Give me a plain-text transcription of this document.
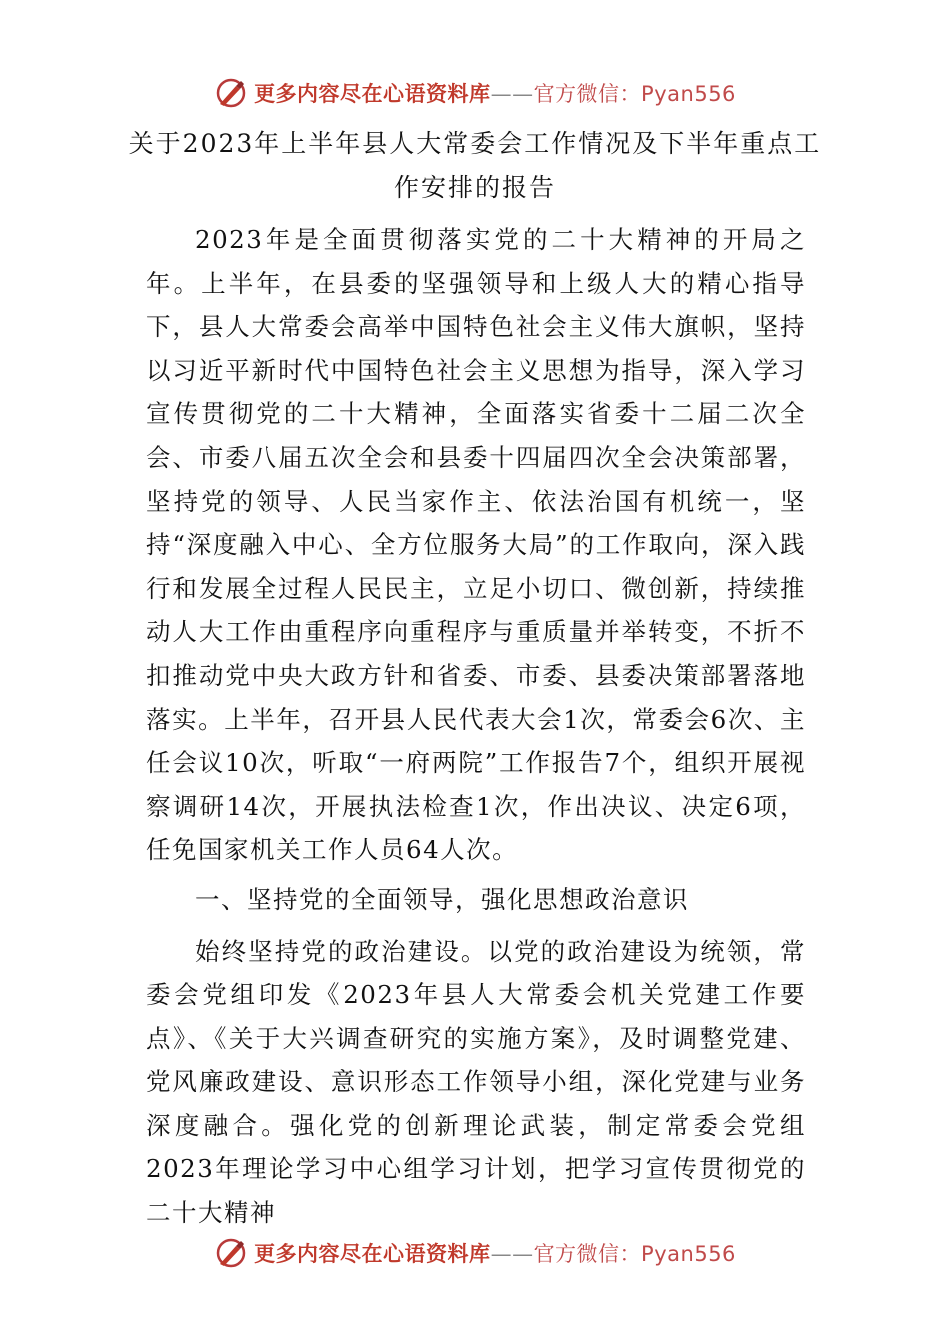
更多内容尽在心语资料库——官方微信：Pyan556
关于2023年上半年县人大常委会工作情况及下半年重点工作安排的报告

2023年是全面贯彻落实党的二十大精神的开局之年。上半年，在县委的坚强领导和上级人大的精心指导下，县人大常委会高举中国特色社会主义伟大旗帜，坚持以习近平新时代中国特色社会主义思想为指导，深入学习宣传贯彻党的二十大精神，全面落实省委十二届二次全会、市委八届五次全会和县委十四届四次全会决策部署，坚持党的领导、人民当家作主、依法治国有机统一，坚持“深度融入中心、全方位服务大局”的工作取向，深入践行和发展全过程人民民主，立足小切口、微创新，持续推动人大工作由重程序向重程序与重质量并举转变，不折不扣推动党中央大政方针和省委、市委、县委决策部署落地落实。上半年，召开县人民代表大会1次，常委会6次、主任会议10次，听取“一府两院”工作报告7个，组织开展视察调研14次，开展执法检查1次，作出决议、决定6项，任免国家机关工作人员64人次。

一、坚持党的全面领导，强化思想政治意识

始终坚持党的政治建设。以党的政治建设为统领，常委会党组印发《2023年县人大常委会机关党建工作要点》、《关于大兴调查研究的实施方案》，及时调整党建、党风廉政建设、意识形态工作领导小组，深化党建与业务深度融合。强化党的创新理论武装，制定常委会党组2023年理论学习中心组学习计划，把学习宣传贯彻党的二十大精神

更多内容尽在心语资料库——官方微信：Pyan556
